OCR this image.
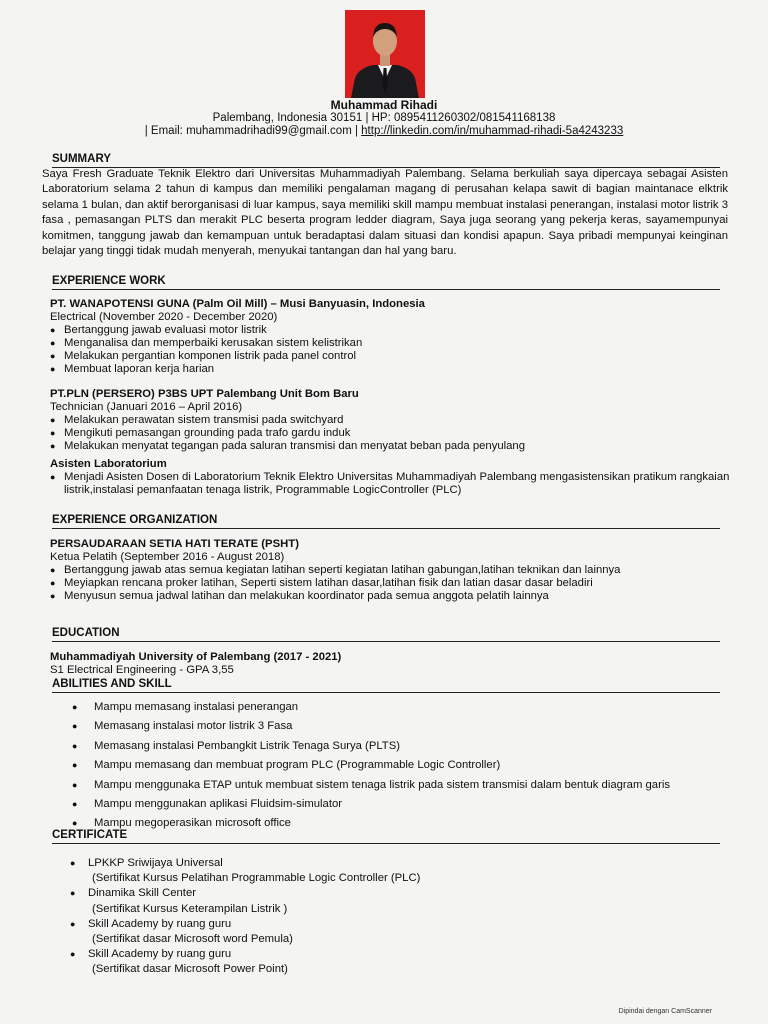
Muhammad Rihadi
Palembang, Indonesia 30151 | HP: 0895411260302/081541168138
| Email: muhammadrihadi99@gmail.com | http://linkedin.com/in/muhammad-rihadi-5a4243233
SUMMARY
Saya Fresh Graduate Teknik Elektro dari Universitas Muhammadiyah Palembang. Selama berkuliah saya dipercaya sebagai Asisten Laboratorium selama 2 tahun di kampus dan memiliki pengalaman magang di perusahan kelapa sawit di bagian maintanace elktrik selama 1 bulan, dan aktif berorganisasi di luar kampus, saya memiliki skill mampu membuat instalasi penerangan, instalasi motor listrik 3 fasa , pemasangan PLTS dan merakit PLC beserta program ledder diagram, Saya juga seorang yang pekerja keras, sayamempunyai komitmen, tanggung jawab dan kemampuan untuk beradaptasi dalam situasi dan kondisi apapun. Saya pribadi mempunyai keinginan belajar yang tinggi tidak mudah menyerah, menyukai tantangan dan hal yang baru.
EXPERIENCE WORK
PT. WANAPOTENSI GUNA (Palm Oil Mill) – Musi Banyuasin, Indonesia
Electrical (November 2020 - December 2020)
● Bertanggung jawab evaluasi motor listrik
● Menganalisa dan memperbaiki kerusakan sistem kelistrikan
● Melakukan pergantian komponen listrik pada panel control
● Membuat laporan kerja harian
PT.PLN (PERSERO) P3BS UPT Palembang Unit Bom Baru
Technician (Januari 2016 – April 2016)
● Melakukan perawatan sistem transmisi pada switchyard
● Mengikuti pemasangan grounding pada trafo gardu induk
● Melakukan menyatat tegangan pada saluran transmisi dan menyatat beban pada penyulang
Asisten Laboratorium
● Menjadi Asisten Dosen di Laboratorium Teknik Elektro Universitas Muhammadiyah Palembang mengasistensikan pratikum rangkaian listrik,instalasi pemanfaatan tenaga listrik, Programmable LogicController (PLC)
EXPERIENCE ORGANIZATION
PERSAUDARAAN SETIA HATI TERATE (PSHT)
Ketua Pelatih (September 2016 - August 2018)
● Bertanggung jawab atas semua kegiatan latihan seperti kegiatan latihan gabungan,latihan teknikan dan lainnya
● Meyiapkan rencana proker latihan, Seperti sistem latihan dasar,latihan fisik dan latian dasar dasar beladiri
● Menyusun semua jadwal latihan dan melakukan koordinator pada semua anggota pelatih lainnya
EDUCATION
Muhammadiyah University of Palembang (2017 - 2021)
S1 Electrical Engineering - GPA 3,55
ABILITIES AND SKILL
● Mampu memasang instalasi penerangan
● Memasang instalasi motor listrik 3 Fasa
● Memasang instalasi Pembangkit Listrik Tenaga Surya (PLTS)
● Mampu memasang dan membuat program PLC (Programmable Logic Controller)
● Mampu menggunaka ETAP untuk membuat sistem tenaga listrik pada sistem transmisi dalam bentuk diagram garis
● Mampu menggunakan aplikasi Fluidsim-simulator
● Mampu megoperasikan microsoft office
CERTIFICATE
● LPKKP Sriwijaya Universal
(Sertifikat Kursus Pelatihan Programmable Logic Controller (PLC)
● Dinamika Skill Center
(Sertifikat Kursus Keterampilan Listrik )
● Skill Academy by ruang guru
(Sertifikat dasar Microsoft word Pemula)
● Skill Academy by ruang guru
(Sertifikat dasar Microsoft Power Point)
Dipindai dengan CamScanner
